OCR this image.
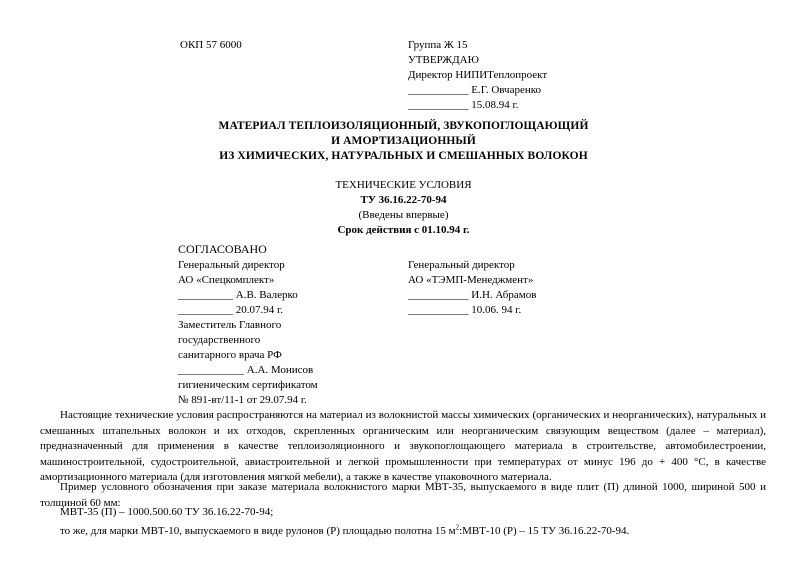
ОКП 57 6000	Группа Ж 15
УТВЕРЖДАЮ
Директор НИПИТеплопроект
___________ Е.Г. Овчаренко
___________ 15.08.94 г.
МАТЕРИАЛ ТЕПЛОИЗОЛЯЦИОННЫЙ, ЗВУКОПОГЛОЩАЮЩИЙ
И АМОРТИЗАЦИОННЫЙ
ИЗ ХИМИЧЕСКИХ, НАТУРАЛЬНЫХ И СМЕШАННЫХ ВОЛОКОН
ТЕХНИЧЕСКИЕ УСЛОВИЯ
ТУ 36.16.22-70-94
(Введены впервые)
Срок действия с 01.10.94 г.
СОГЛАСОВАНО
Генеральный директор
АО «Спецкомплект»
__________ А.В. Валерко
__________ 20.07.94 г.
Заместитель Главного
государственного
санитарного врача РФ
____________ А.А. Монисов
гигиеническим сертификатом
№ 891-вт/11-1 от 29.07.94 г.
Генеральный директор
АО «ТЭМП-Менеджмент»
___________ И.Н. Абрамов
___________ 10.06. 94 г.
Настоящие технические условия распространяются на материал из волокнистой массы химических (органических и неорганических), натуральных и смешанных штапельных волокон и их отходов, скрепленных органическим или неорганическим связующим веществом (далее – материал), предназначенный для применения в качестве теплоизоляционного и звукопоглощающего материала в строительстве, автомобилестроении, машиностроительной, судостроительной, авиастроительной и легкой промышленности при температурах от минус 196 до + 400 °С, в качестве амортизационного материала (для изготовления мягкой мебели), а также в качестве упаковочного материала.
Пример условного обозначения при заказе материала волокнистого марки МВТ-35, выпускаемого в виде плит (П) длиной 1000, шириной 500 и толщиной 60 мм:
МВТ-35 (П) – 1000.500.60 ТУ 36.16.22-70-94;
то же, для марки МВТ-10, выпускаемого в виде рулонов (Р) площадью полотна 15 $м^2:МВТ-10$ (Р) – 15 ТУ 36.16.22-70-94.
